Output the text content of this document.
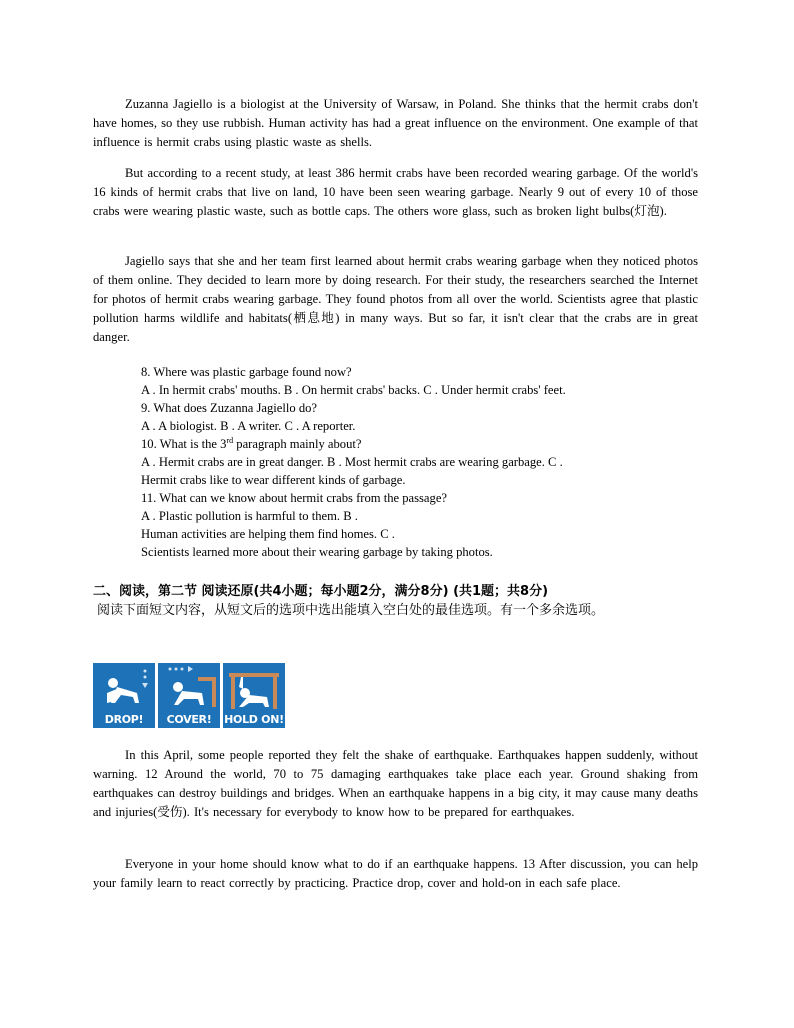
Zuzanna Jagiello is a biologist at the University of Warsaw, in Poland. She thinks that the hermit crabs don't have homes, so they use rubbish. Human activity has had a great influence on the environment. One example of that influence is hermit crabs using plastic waste as shells.
But according to a recent study, at least 386 hermit crabs have been recorded wearing garbage. Of the world's 16 kinds of hermit crabs that live on land, 10 have been seen wearing garbage. Nearly 9 out of every 10 of those crabs were wearing plastic waste, such as bottle caps. The others wore glass, such as broken light bulbs(灯泡).
Jagiello says that she and her team first learned about hermit crabs wearing garbage when they noticed photos of them online. They decided to learn more by doing research. For their study, the researchers searched the Internet for photos of hermit crabs wearing garbage. They found photos from all over the world. Scientists agree that plastic pollution harms wildlife and habitats(栖息地) in many ways. But so far, it isn't clear that the crabs are in great danger.
8. Where was plastic garbage found now?
A . In hermit crabs' mouths. B . On hermit crabs' backs. C . Under hermit crabs' feet.
9. What does Zuzanna Jagiello do?
A . A biologist. B . A writer. C . A reporter.
10. What is the 3rd paragraph mainly about?
A . Hermit crabs are in great danger. B . Most hermit crabs are wearing garbage. C .
Hermit crabs like to wear different kinds of garbage.
11. What can we know about hermit crabs from the passage?
A . Plastic pollution is harmful to them. B .
Human activities are helping them find homes. C .
Scientists learned more about their wearing garbage by taking photos.
二、阅读，第二节 阅读还原(共4小题；每小题2分，满分8分) (共1题；共8分)
阅读下面短文内容，从短文后的选项中选出能填入空白处的最佳选项。有一个多余选项。
DROP!	COVER!	HOLD ON!
In this April, some people reported they felt the shake of earthquake. Earthquakes happen suddenly, without warning. 12 Around the world, 70 to 75 damaging earthquakes take place each year. Ground shaking from earthquakes can destroy buildings and bridges. When an earthquake happens in a big city, it may cause many deaths and injuries(受伤). It's necessary for everybody to know how to be prepared for earthquakes.
Everyone in your home should know what to do if an earthquake happens. 13 After discussion, you can help your family learn to react correctly by practicing. Practice drop, cover and hold-on in each safe place.
